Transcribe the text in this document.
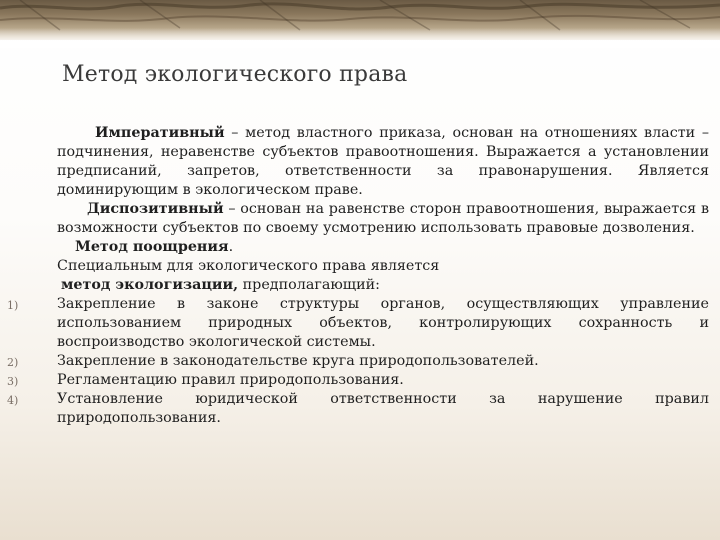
Метод экологического права
Императивный – метод властного приказа, основан на отношениях власти – подчинения, неравенстве субъектов правоотношения. Выражается а установлении предписаний, запретов, ответственности за правонарушения. Является доминирующим в экологическом праве.
Диспозитивный – основан на равенстве сторон правоотношения, выражается в возможности субъектов по своему усмотрению использовать правовые дозволения.
Метод поощрения.
Специальным для экологического права является
метод экологизации, предполагающий:
1)	Закрепление в законе структуры органов, осуществляющих управление использованием природных объектов, контролирующих сохранность и воспроизводство экологической системы.
2)	Закрепление в законодательстве круга природопользователей.
3)	Регламентацию правил природопользования.
4)	Установление юридической ответственности за нарушение правил природопользования.
